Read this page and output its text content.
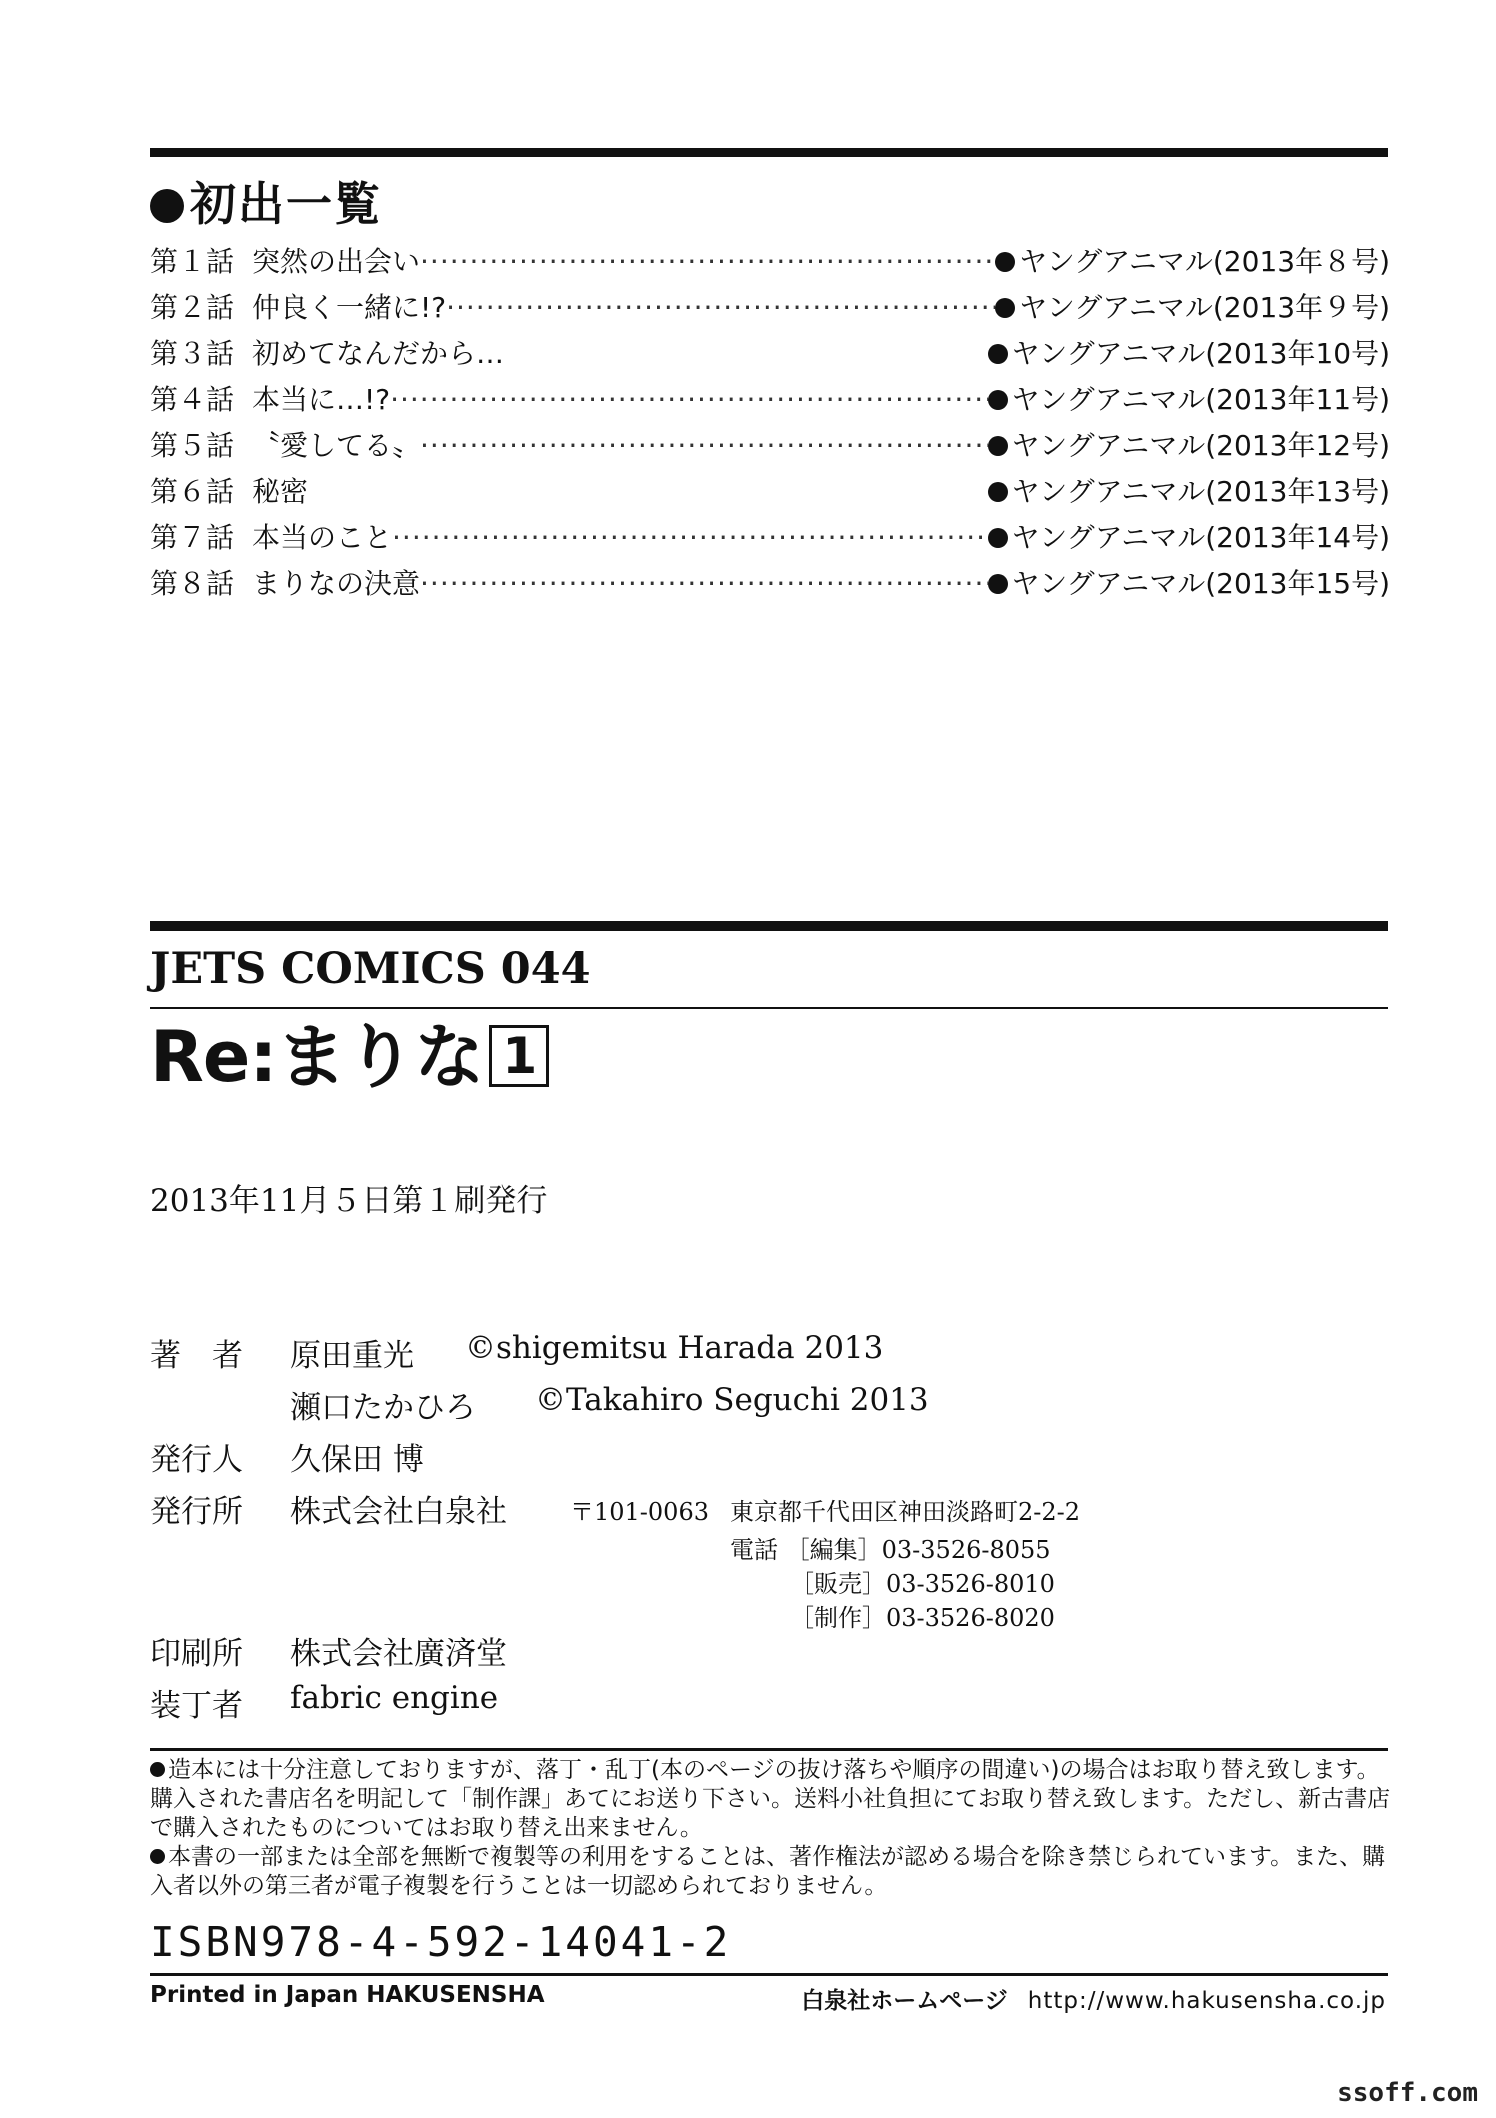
初出一覧
第１話 突然の出会い ·····	ヤングアニマル(2013年８号)
第２話 仲良く一緒に!? ·····	ヤングアニマル(2013年９号)
第３話 初めてなんだから…	ヤングアニマル(2013年10号)
第４話 本当に…!? ·····	ヤングアニマル(2013年11号)
第５話 〝愛してる〟 ·····	ヤングアニマル(2013年12号)
第６話 秘密	ヤングアニマル(2013年13号)
第７話 本当のこと ·····	ヤングアニマル(2013年14号)
第８話 まりなの決意 ·····	ヤングアニマル(2013年15号)
JETS COMICS 044
Re:まりな 1
2013年11月５日第１刷発行
著　者 原田重光 ©shigemitsu Harada 2013
瀬口たかひろ ©Takahiro Seguchi 2013
発行人 久保田 博
発行所 株式会社白泉社	〒101-0063 東京都千代田区神田淡路町2-2-2
電話 ［編集］03-3526-8055
［販売］03-3526-8010
［制作］03-3526-8020
印刷所 株式会社廣済堂
装丁者 fabric engine

造本には十分注意しておりますが、落丁・乱丁(本のページの抜け落ちや順序の間違い)の場合はお取り替え致します。購入された書店名を明記して「制作課」あてにお送り下さい。送料小社負担にてお取り替え致します。ただし、新古書店で購入されたものについてはお取り替え出来ません。

本書の一部または全部を無断で複製等の利用をすることは、著作権法が認める場合を除き禁じられています。また、購入者以外の第三者が電子複製を行うことは一切認められておりません。

ISBN978-4-592-14041-2
Printed in Japan HAKUSENSHA	白泉社ホームページ http://www.hakusensha.co.jp
ssoff.com
